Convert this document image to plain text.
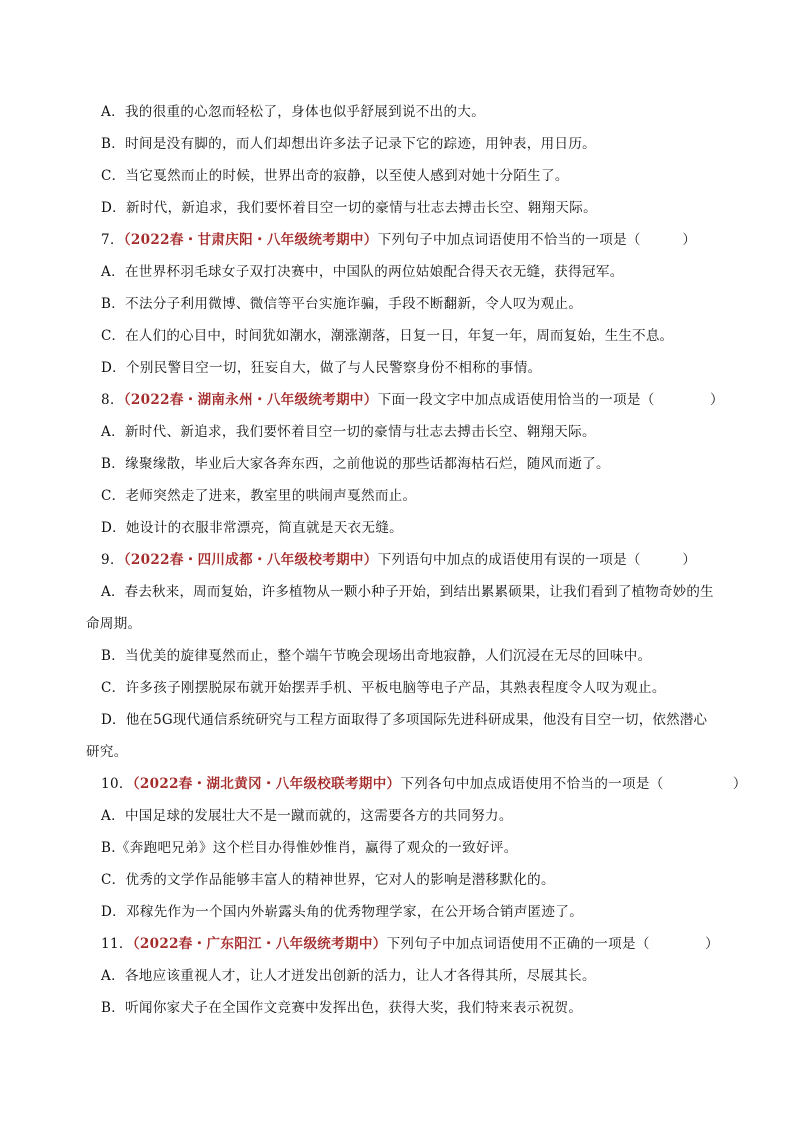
A．我的很重的心忽而轻松了，身体也似乎舒展到说不出的大。
B．时间是没有脚的，而人们却想出许多法子记录下它的踪迹，用钟表，用日历。
C．当它戛然而止的时候，世界出奇的寂静，以至使人感到对她十分陌生了。
D．新时代，新追求，我们要怀着目空一切的豪情与壮志去搏击长空、翱翔天际。
7．（2022春・甘肃庆阳・八年级统考期中）下列句子中加点词语使用不恰当的一项是（　　　）
A．在世界杯羽毛球女子双打决赛中，中国队的两位姑娘配合得天衣无缝，获得冠军。
B．不法分子利用微博、微信等平台实施诈骗，手段不断翻新，令人叹为观止。
C．在人们的心目中，时间犹如潮水，潮涨潮落，日复一日，年复一年，周而复始，生生不息。
D．个别民警目空一切，狂妄自大，做了与人民警察身份不相称的事情。
8．（2022春・湖南永州・八年级统考期中）下面一段文字中加点成语使用恰当的一项是（　　　　）
A．新时代、新追求，我们要怀着目空一切的豪情与壮志去搏击长空、翱翔天际。
B．缘聚缘散，毕业后大家各奔东西，之前他说的那些话都海枯石烂，随风而逝了。
C．老师突然走了进来，教室里的哄闹声戛然而止。
D．她设计的衣服非常漂亮，简直就是天衣无缝。
9．（2022春・四川成都・八年级校考期中）下列语句中加点的成语使用有误的一项是（　　　）
A．春去秋来，周而复始，许多植物从一颗小种子开始，到结出累累硕果，让我们看到了植物奇妙的生
命周期。
B．当优美的旋律戛然而止，整个端午节晚会现场出奇地寂静，人们沉浸在无尽的回味中。
C．许多孩子刚摆脱尿布就开始摆弄手机、平板电脑等电子产品，其熟表程度令人叹为观止。
D．他在5G现代通信系统研究与工程方面取得了多项国际先进科研成果，他没有目空一切，依然潜心
研究。
10．（2022春・湖北黄冈・八年级校联考期中）下列各句中加点成语使用不恰当的一项是（　　　　　）
A．中国足球的发展壮大不是一蹴而就的，这需要各方的共同努力。
B.《奔跑吧兄弟》这个栏目办得惟妙惟肖，赢得了观众的一致好评。
C．优秀的文学作品能够丰富人的精神世界，它对人的影响是潜移默化的。
D．邓稼先作为一个国内外崭露头角的优秀物理学家，在公开场合销声匿迹了。
11．（2022春・广东阳江・八年级统考期中）下列句子中加点词语使用不正确的一项是（　　　　）
A．各地应该重视人才，让人才迸发出创新的活力，让人才各得其所，尽展其长。
B．听闻你家犬子在全国作文竞赛中发挥出色，获得大奖，我们特来表示祝贺。
